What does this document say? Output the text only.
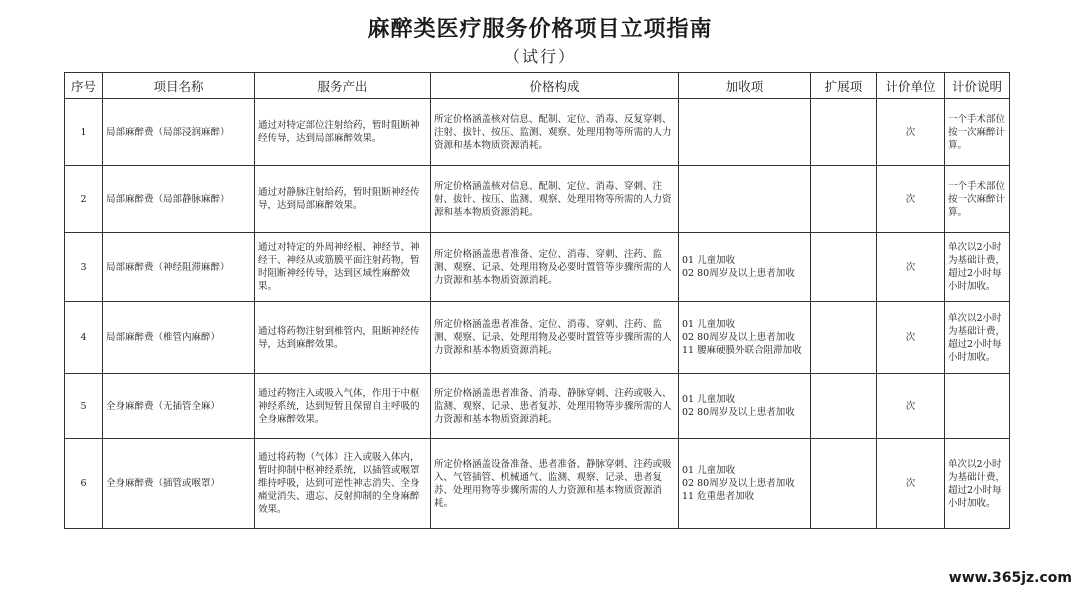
麻醉类医疗服务价格项目立项指南
（试行）
序号	项目名称	服务产出	价格构成	加收项	扩展项	计价单位	计价说明
1	局部麻醉费（局部浸润麻醉）	通过对特定部位注射给药，暂时阻断神经传导，达到局部麻醉效果。	所定价格涵盖核对信息、配制、定位、消毒、反复穿刺、注射、拔针、按压、监测、观察、处理用物等所需的人力资源和基本物质资源消耗。			次	一个手术部位按一次麻醉计算。
2	局部麻醉费（局部静脉麻醉）	通过对静脉注射给药，暂时阻断神经传导，达到局部麻醉效果。	所定价格涵盖核对信息、配制、定位、消毒、穿刺、注射、拔针、按压、监测、观察、处理用物等所需的人力资源和基本物质资源消耗。			次	一个手术部位按一次麻醉计算。
3	局部麻醉费（神经阻滞麻醉）	通过对特定的外周神经根、神经节、神经干、神经从或筋膜平面注射药物，暂时阻断神经传导，达到区域性麻醉效果。	所定价格涵盖患者准备、定位、消毒、穿刺、注药、监测、观察、记录、处理用物及必要时置管等步骤所需的人力资源和基本物质资源消耗。	01 儿童加收
02 80周岁及以上患者加收		次	单次以2小时为基础计费，超过2小时每小时加收。
4	局部麻醉费（椎管内麻醉）	通过将药物注射到椎管内，阻断神经传导，达到麻醉效果。	所定价格涵盖患者准备、定位、消毒、穿刺、注药、监测、观察、记录、处理用物及必要时置管等步骤所需的人力资源和基本物质资源消耗。	01 儿童加收
02 80周岁及以上患者加收
11 腰麻硬膜外联合阻滞加收		次	单次以2小时为基础计费，超过2小时每小时加收。
5	全身麻醉费（无插管全麻）	通过药物注入或吸入气体，作用于中枢神经系统，达到短暂且保留自主呼吸的全身麻醉效果。	所定价格涵盖患者准备、消毒、静脉穿刺、注药或吸入、监测、观察、记录、患者复苏、处理用物等步骤所需的人力资源和基本物质资源消耗。	01 儿童加收
02 80周岁及以上患者加收		次	
6	全身麻醉费（插管或喉罩）	通过将药物（气体）注入或吸入体内，暂时抑制中枢神经系统，以插管或喉罩维持呼吸，达到可逆性神志消失、全身痛觉消失、遗忘、反射抑制的全身麻醉效果。	所定价格涵盖设备准备、患者准备、静脉穿刺、注药或吸入、气管插管、机械通气、监测、观察、记录、患者复苏、处理用物等步骤所需的人力资源和基本物质资源消耗。	01 儿童加收
02 80周岁及以上患者加收
11 危重患者加收		次	单次以2小时为基础计费，超过2小时每小时加收。
www.365jz.com
